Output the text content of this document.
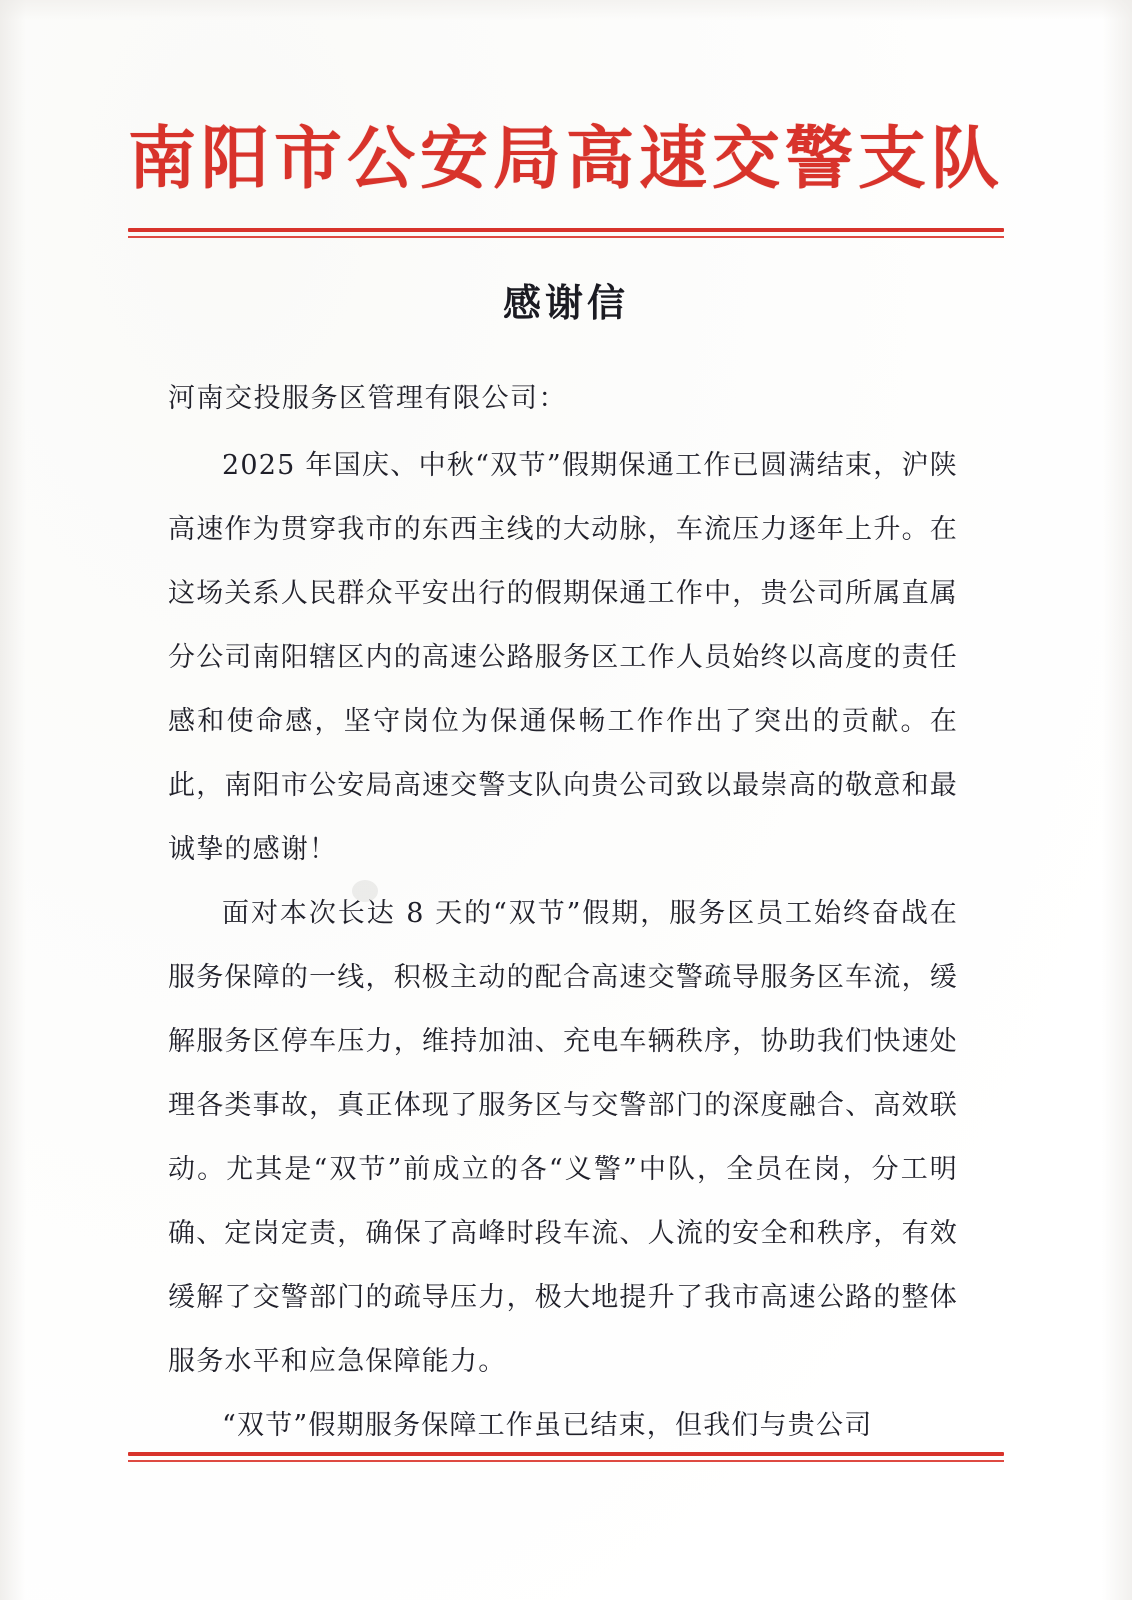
南阳市公安局高速交警支队
感谢信
河南交投服务区管理有限公司：

2025 年国庆、中秋“双节”假期保通工作已圆满结束，沪陕高速作为贯穿我市的东西主线的大动脉，车流压力逐年上升。在这场关系人民群众平安出行的假期保通工作中，贵公司所属直属分公司南阳辖区内的高速公路服务区工作人员始终以高度的责任感和使命感，坚守岗位为保通保畅工作作出了突出的贡献。在此，南阳市公安局高速交警支队向贵公司致以最崇高的敬意和最诚挚的感谢！

面对本次长达 8 天的“双节”假期，服务区员工始终奋战在服务保障的一线，积极主动的配合高速交警疏导服务区车流，缓解服务区停车压力，维持加油、充电车辆秩序，协助我们快速处理各类事故，真正体现了服务区与交警部门的深度融合、高效联动。尤其是“双节”前成立的各“义警”中队，全员在岗，分工明确、定岗定责，确保了高峰时段车流、人流的安全和秩序，有效缓解了交警部门的疏导压力，极大地提升了我市高速公路的整体服务水平和应急保障能力。

“双节”假期服务保障工作虽已结束，但我们与贵公司
